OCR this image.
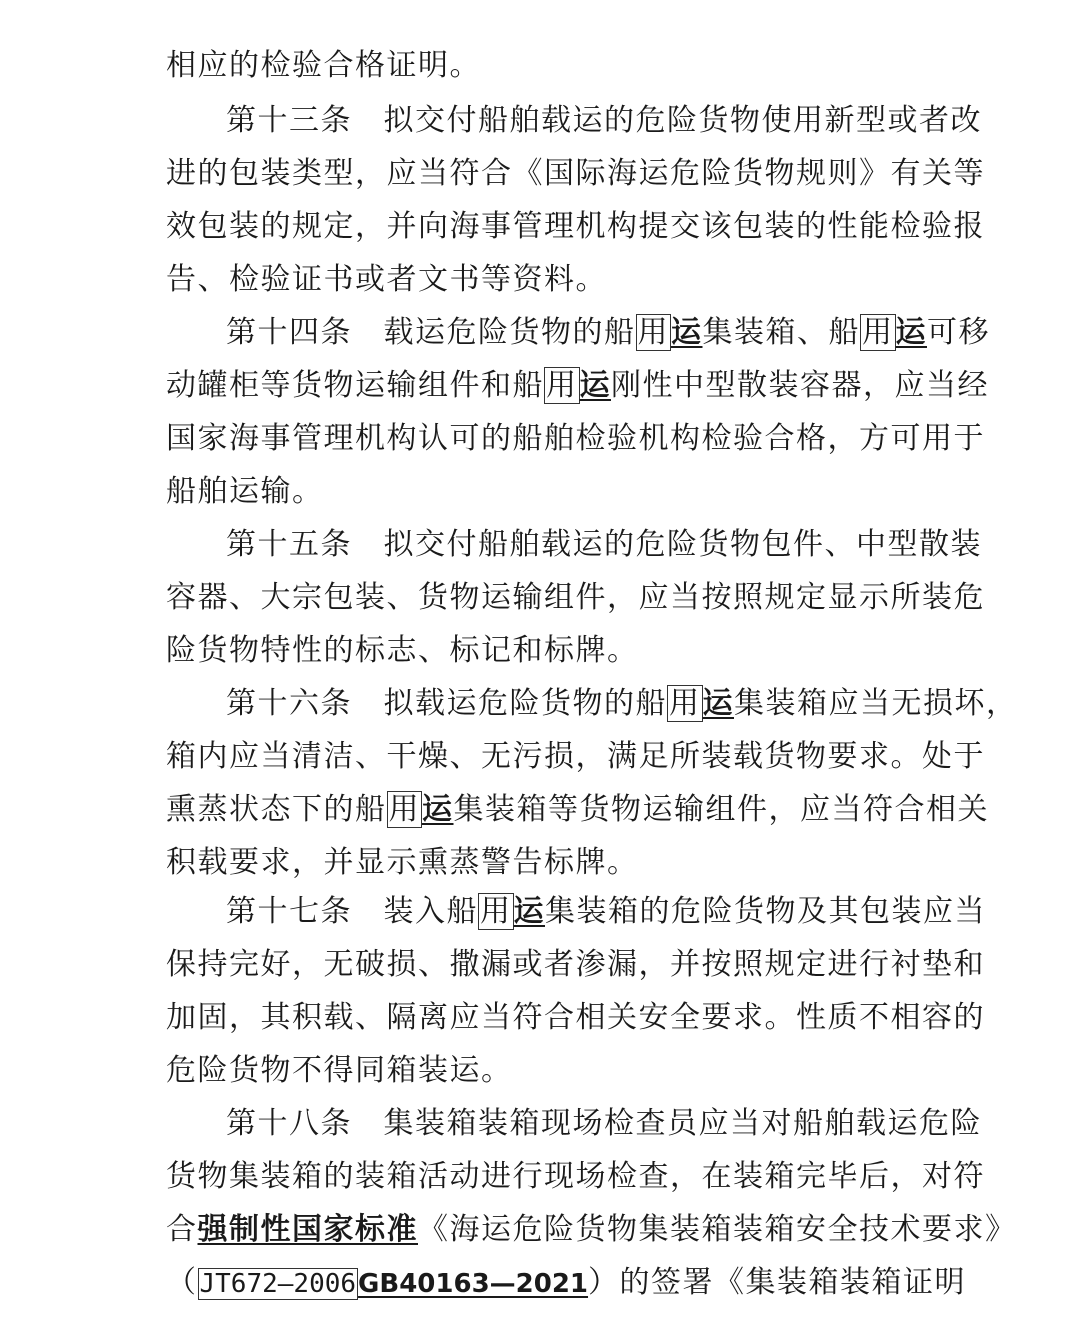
相应的检验合格证明。
第十三条　拟交付船舶载运的危险货物使用新型或者改
进的包装类型，应当符合《国际海运危险货物规则》有关等
效包装的规定，并向海事管理机构提交该包装的性能检验报
告、检验证书或者文书等资料。
第十四条　载运危险货物的船用运集装箱、船用运可移
动罐柜等货物运输组件和船用运刚性中型散装容器，应当经
国家海事管理机构认可的船舶检验机构检验合格，方可用于
船舶运输。
第十五条　拟交付船舶载运的危险货物包件、中型散装
容器、大宗包装、货物运输组件，应当按照规定显示所装危
险货物特性的标志、标记和标牌。
第十六条　拟载运危险货物的船用运集装箱应当无损坏，
箱内应当清洁、干燥、无污损，满足所装载货物要求。处于
熏蒸状态下的船用运集装箱等货物运输组件，应当符合相关
积载要求，并显示熏蒸警告标牌。
第十七条　装入船用运集装箱的危险货物及其包装应当
保持完好，无破损、撒漏或者渗漏，并按照规定进行衬垫和
加固，其积载、隔离应当符合相关安全要求。性质不相容的
危险货物不得同箱装运。
第十八条　集装箱装箱现场检查员应当对船舶载运危险
货物集装箱的装箱活动进行现场检查，在装箱完毕后，对符
合强制性国家标准《海运危险货物集装箱装箱安全技术要求》
（JT672—2006GB40163—2021）的签署《集装箱装箱证明
